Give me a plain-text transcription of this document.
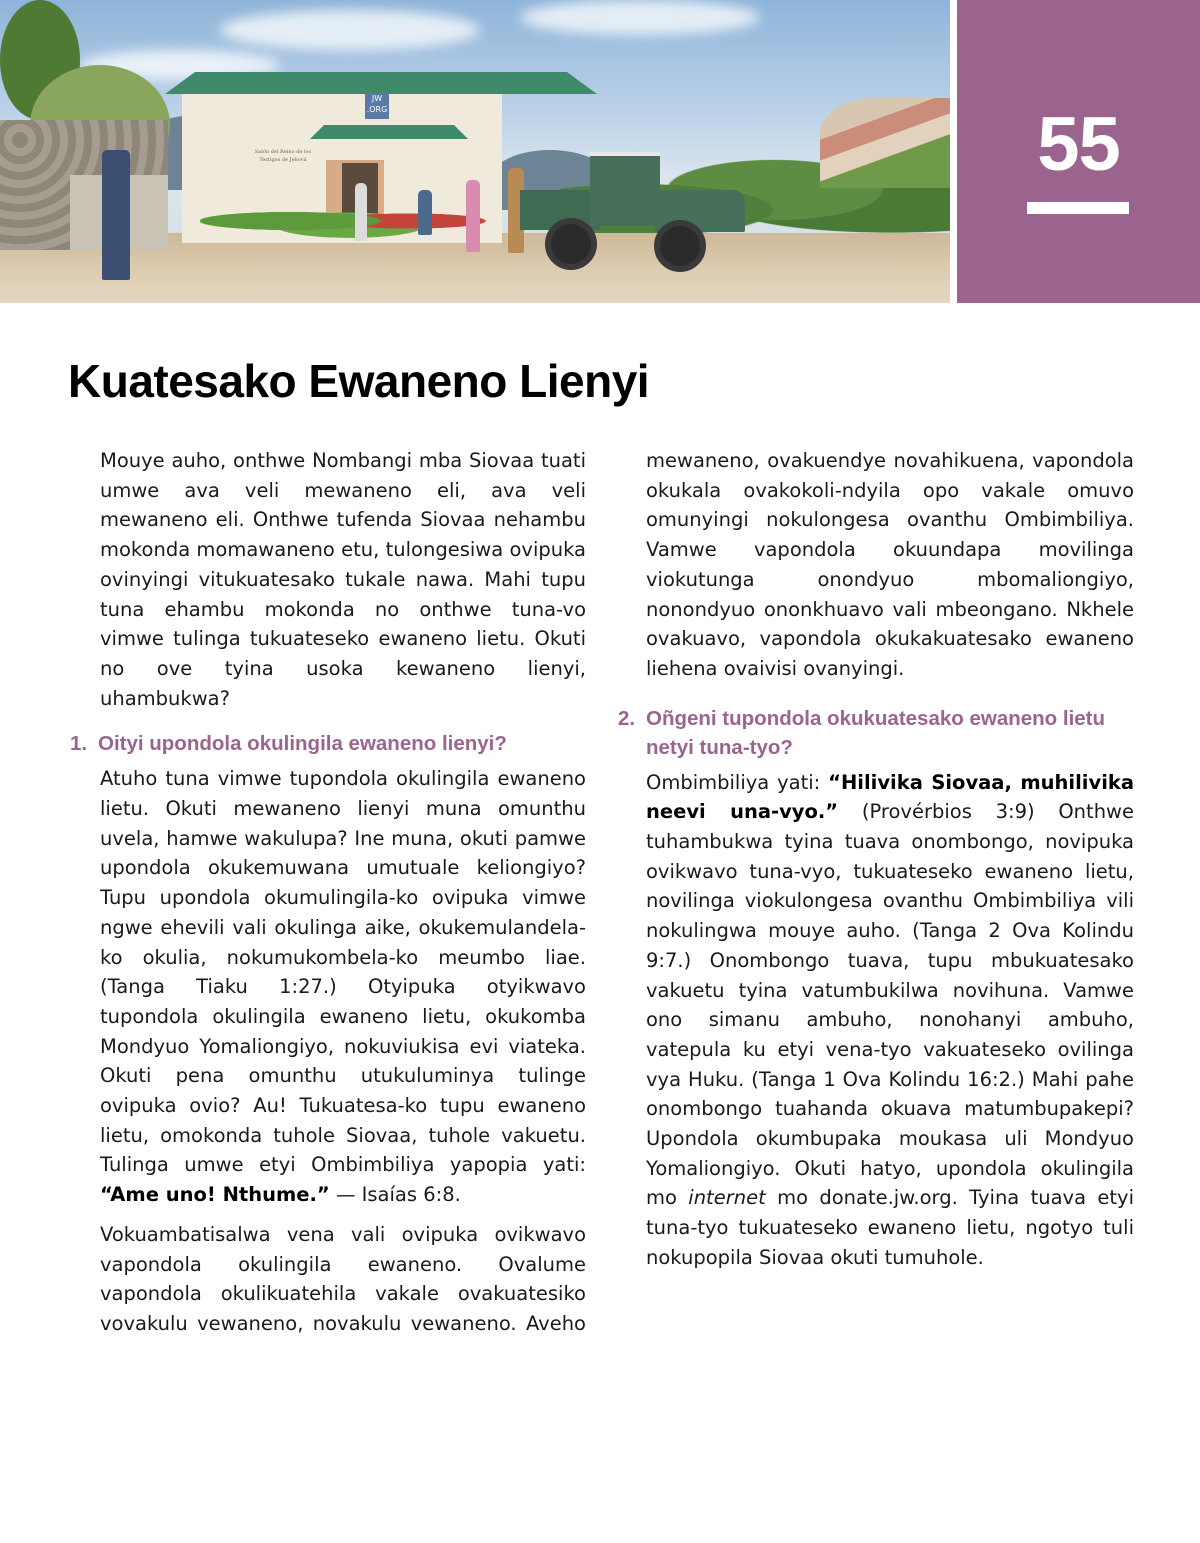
JW .ORG
Salón del Reino de los Testigos de Jehová	55
Kuatesako Ewaneno Lienyi

Mouye auho, onthwe Nombangi mba Siovaa tuati umwe ava veli mewaneno eli, ava veli mewaneno eli. Onthwe tufenda Siovaa nehambu mokonda momawaneno etu, tulongesiwa ovipuka ovinyingi vitukuatesako tukale nawa. Mahi tupu tuna ehambu mokonda no onthwe tuna-vo vimwe tulinga tukuateseko ewaneno lietu. Okuti no ove tyina usoka kewaneno lienyi, uhambukwa?

1. Oityi upondola okulingila ewaneno lienyi?

Atuho tuna vimwe tupondola okulingila ewaneno lietu. Okuti mewaneno lienyi muna omunthu uvela, hamwe wakulupa? Ine muna, okuti pamwe upondola okukemuwana umutuale keliongiyo? Tupu upondola okumulingila-ko ovipuka vimwe ngwe ehevili vali okulinga aike, okukemulandela-ko okulia, nokumukombela-ko meumbo liae. (Tanga Tiaku 1:27.) Otyipuka otyikwavo tupondola okulingila ewaneno lietu, okukomba Mondyuo Yomaliongiyo, nokuviukisa evi viateka. Okuti pena omunthu utukuluminya tulinge ovipuka ovio? Au! Tukuatesa-ko tupu ewaneno lietu, omokonda tuhole Siovaa, tuhole vakuetu. Tulinga umwe etyi Ombimbiliya yapopia yati: “Ame uno! Nthume.” — Isaías 6:8.

Vokuambatisalwa vena vali ovipuka ovikwavo vapondola okulingila ewaneno. Ovalume vapondola okulikuatehila vakale ovakuatesiko vovakulu vewaneno, novakulu vewaneno. Aveho

mewaneno, ovakuendye novahikuena, vapondola okukala ovakokoli-ndyila opo vakale omuvo omunyingi nokulongesa ovanthu Ombimbiliya. Vamwe vapondola okuundapa movilinga viokutunga onondyuo mbomaliongiyo, nonondyuo ononkhuavo vali mbeongano. Nkhele ovakuavo, vapondola okukakuatesako ewaneno liehena ovaivisi ovanyingi.

2. Oñgeni tupondola okukuatesako ewaneno lietu netyi tuna-tyo?

Ombimbiliya yati: “Hilivika Siovaa, muhilivika neevi una-vyo.” (Provérbios 3:9) Onthwe tuhambukwa tyina tuava onombongo, novipuka ovikwavo tuna-vyo, tukuateseko ewaneno lietu, novilinga viokulongesa ovanthu Ombimbiliya vili nokulingwa mouye auho. (Tanga 2 Ova Kolindu 9:7.) Onombongo tuava, tupu mbukuatesako vakuetu tyina vatumbukilwa novihuna. Vamwe ono simanu ambuho, nonohanyi ambuho, vatepula ku etyi vena-tyo vakuateseko ovilinga vya Huku. (Tanga 1 Ova Kolindu 16:2.) Mahi pahe onombongo tuahanda okuava matumbupakepi? Upondola okumbupaka moukasa uli Mondyuo Yomaliongiyo. Okuti hatyo, upondola okulingila mo internet mo donate.jw.org. Tyina tuava etyi tuna-tyo tukuateseko ewaneno lietu, ngotyo tuli nokupopila Siovaa okuti tumuhole.
